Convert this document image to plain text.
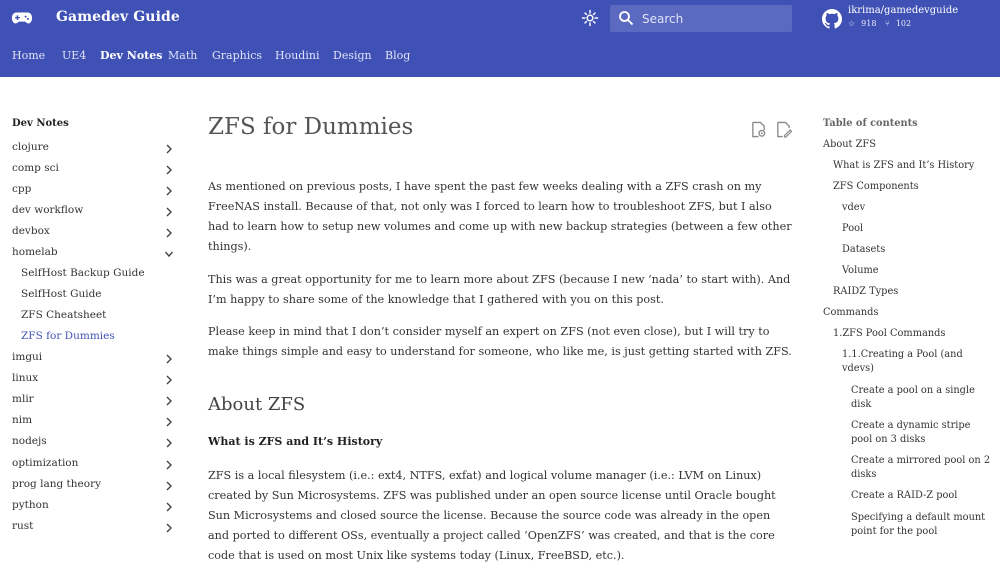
Gamedev Guide
Search	ikrima/gamedevguide
☆ 918 ⑂ 102
Home UE4 Dev Notes Math Graphics Houdini Design Blog
Dev Notes
clojure
comp sci
cpp
dev workflow
devbox
homelab
SelfHost Backup Guide
SelfHost Guide
ZFS Cheatsheet
ZFS for Dummies
imgui
linux
mlir
nim
nodejs
optimization
prog lang theory
python
rust
ZFS for Dummies

As mentioned on previous posts, I have spent the past few weeks dealing with a ZFS crash on my FreeNAS install. Because of that, not only was I forced to learn how to troubleshoot ZFS, but I also had to learn how to setup new volumes and come up with new backup strategies (between a few other things).

This was a great opportunity for me to learn more about ZFS (because I new ‘nada’ to start with). And I’m happy to share some of the knowledge that I gathered with you on this post.

Please keep in mind that I don’t consider myself an expert on ZFS (not even close), but I will try to make things simple and easy to understand for someone, who like me, is just getting started with ZFS.

About ZFS
What is ZFS and It’s History

ZFS is a local filesystem (i.e.: ext4, NTFS, exfat) and logical volume manager (i.e.: LVM on Linux) created by Sun Microsystems. ZFS was published under an open source license until Oracle bought Sun Microsystems and closed source the license. Because the source code was already in the open and ported to different OSs, eventually a project called ‘OpenZFS’ was created, and that is the core code that is used on most Unix like systems today (Linux, FreeBSD, etc.).

Table of contents
About ZFS
What is ZFS and It’s History
ZFS Components
vdev
Pool
Datasets
Volume
RAIDZ Types
Commands
1.ZFS Pool Commands
1.1.Creating a Pool (and vdevs)
Create a pool on a single disk
Create a dynamic stripe pool on 3 disks
Create a mirrored pool on 2 disks
Create a RAID-Z pool
Specifying a default mount point for the pool
